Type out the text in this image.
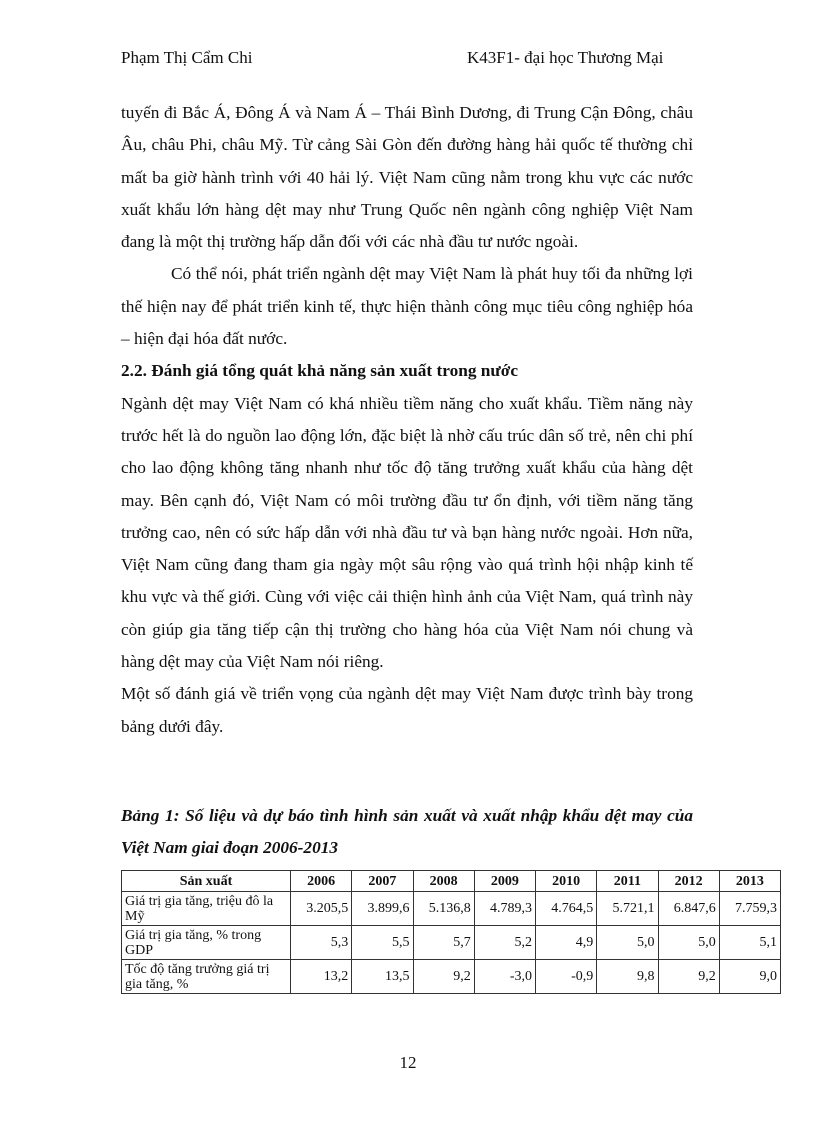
Phạm Thị Cẩm Chi	K43F1- đại học Thương Mại

tuyến đi Bắc Á, Đông Á và Nam Á – Thái Bình Dương, đi Trung Cận Đông, châu Âu, châu Phi, châu Mỹ. Từ cảng Sài Gòn đến đường hàng hải quốc tế thường chỉ mất ba giờ hành trình với 40 hải lý. Việt Nam cũng nằm trong khu vực các nước xuất khẩu lớn hàng dệt may như Trung Quốc nên ngành công nghiệp Việt Nam đang là một thị trường hấp dẫn đối với các nhà đầu tư nước ngoài.

Có thể nói, phát triển ngành dệt may Việt Nam là phát huy tối đa những lợi thế hiện nay để phát triển kinh tế, thực hiện thành công mục tiêu công nghiệp hóa – hiện đại hóa đất nước.

2.2. Đánh giá tổng quát khả năng sản xuất trong nước

Ngành dệt may Việt Nam có khá nhiều tiềm năng cho xuất khẩu. Tiềm năng này trước hết là do nguồn lao động lớn, đặc biệt là nhờ cấu trúc dân số trẻ, nên chi phí cho lao động không tăng nhanh như tốc độ tăng trưởng xuất khẩu của hàng dệt may. Bên cạnh đó, Việt Nam có môi trường đầu tư ổn định, với tiềm năng tăng trưởng cao, nên có sức hấp dẫn với nhà đầu tư và bạn hàng nước ngoài. Hơn nữa, Việt Nam cũng đang tham gia ngày một sâu rộng vào quá trình hội nhập kinh tế khu vực và thế giới. Cùng với việc cải thiện hình ảnh của Việt Nam, quá trình này còn giúp gia tăng tiếp cận thị trường cho hàng hóa của Việt Nam nói chung và hàng dệt may của Việt Nam nói riêng.

Một số đánh giá về triển vọng của ngành dệt may Việt Nam được trình bày trong bảng dưới đây.

Bảng 1: Số liệu và dự báo tình hình sản xuất và xuất nhập khẩu dệt may của Việt Nam giai đoạn 2006-2013
Sản xuất	2006	2007	2008	2009	2010	2011	2012	2013
Giá trị gia tăng, triệu đô la Mỹ	3.205,5	3.899,6	5.136,8	4.789,3	4.764,5	5.721,1	6.847,6	7.759,3
Giá trị gia tăng, % trong GDP	5,3	5,5	5,7	5,2	4,9	5,0	5,0	5,1
Tốc độ tăng trưởng giá trị gia tăng, %	13,2	13,5	9,2	-3,0	-0,9	9,8	9,2	9,0
12
